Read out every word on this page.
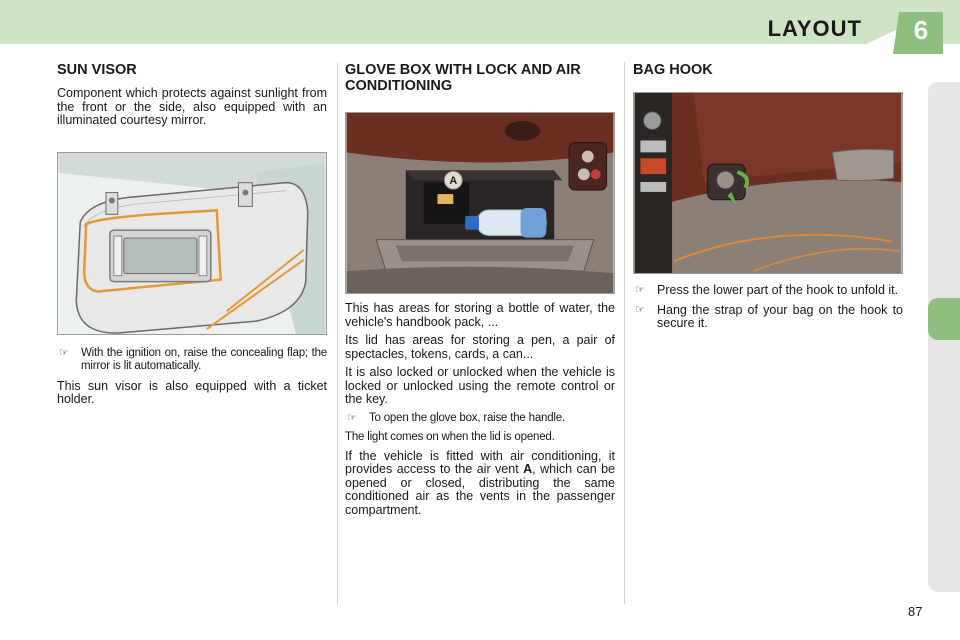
LAYOUT 6
SUN VISOR

Component which protects against sunlight from the front or the side, also equipped with an illuminated courtesy mirror.

☞ With the ignition on, raise the concealing flap; the mirror is lit automatically.

This sun visor is also equipped with a ticket holder.

GLOVE BOX WITH LOCK AND AIR CONDITIONING
A

This has areas for storing a bottle of water, the vehicle's handbook pack, ...

Its lid has areas for storing a pen, a pair of spectacles, tokens, cards, a can...

It is also locked or unlocked when the vehicle is locked or unlocked using the remote control or the key.

☞ To open the glove box, raise the handle.

The light comes on when the lid is opened.

If the vehicle is fitted with air conditioning, it provides access to the air vent A, which can be opened or closed, distributing the same conditioned air as the vents in the passenger compartment.

BAG HOOK
☞ Press the lower part of the hook to unfold it.
☞ Hang the strap of your bag on the hook to secure it.
87
